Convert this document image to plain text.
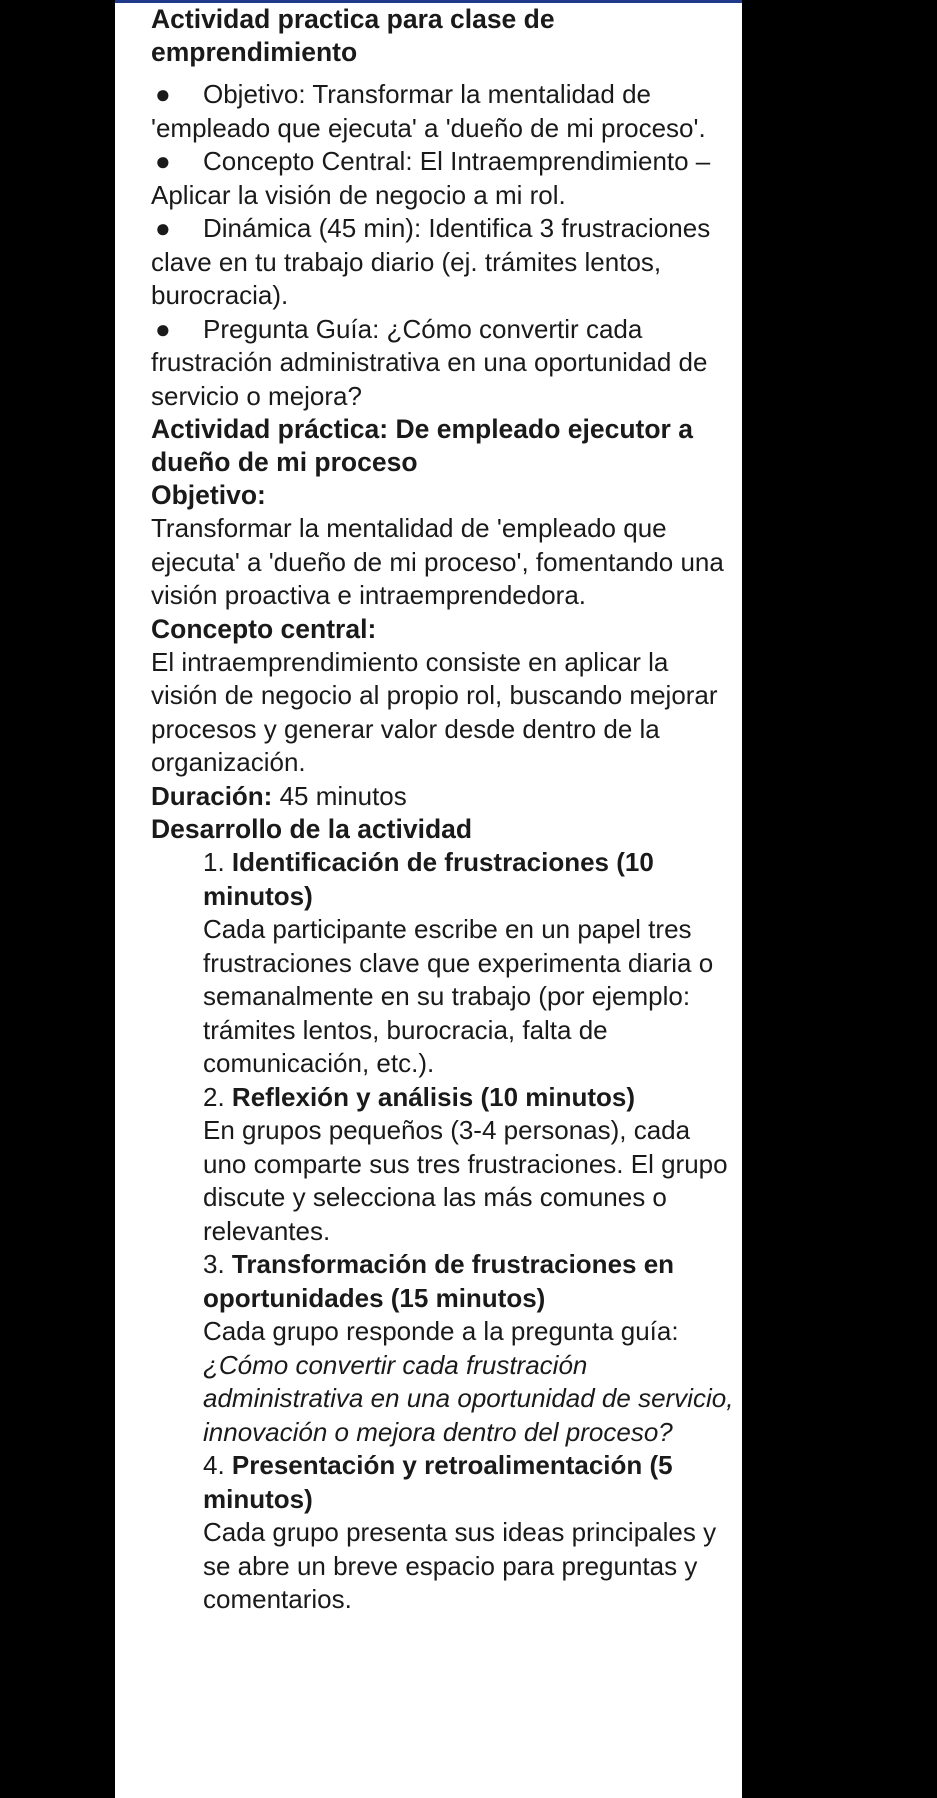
Actividad practica para clase de emprendimiento

● Objetivo: Transformar la mentalidad de 'empleado que ejecuta' a 'dueño de mi proceso'.

● Concepto Central: El Intraemprendimiento – Aplicar la visión de negocio a mi rol.

● Dinámica (45 min): Identifica 3 frustraciones clave en tu trabajo diario (ej. trámites lentos, burocracia).

● Pregunta Guía: ¿Cómo convertir cada frustración administrativa en una oportunidad de servicio o mejora?

Actividad práctica: De empleado ejecutor a dueño de mi proceso

Objetivo:

Transformar la mentalidad de 'empleado que ejecuta' a 'dueño de mi proceso', fomentando una visión proactiva e intraemprendedora.

Concepto central:

El intraemprendimiento consiste en aplicar la visión de negocio al propio rol, buscando mejorar procesos y generar valor desde dentro de la organización.

Duración: 45 minutos

Desarrollo de la actividad

1. Identificación de frustraciones (10 minutos)

Cada participante escribe en un papel tres frustraciones clave que experimenta diaria o semanalmente en su trabajo (por ejemplo: trámites lentos, burocracia, falta de comunicación, etc.).

2. Reflexión y análisis (10 minutos)

En grupos pequeños (3-4 personas), cada uno comparte sus tres frustraciones. El grupo discute y selecciona las más comunes o relevantes.

3. Transformación de frustraciones en oportunidades (15 minutos)

Cada grupo responde a la pregunta guía:

¿Cómo convertir cada frustración administrativa en una oportunidad de servicio, innovación o mejora dentro del proceso?

4. Presentación y retroalimentación (5 minutos)

Cada grupo presenta sus ideas principales y se abre un breve espacio para preguntas y comentarios.
